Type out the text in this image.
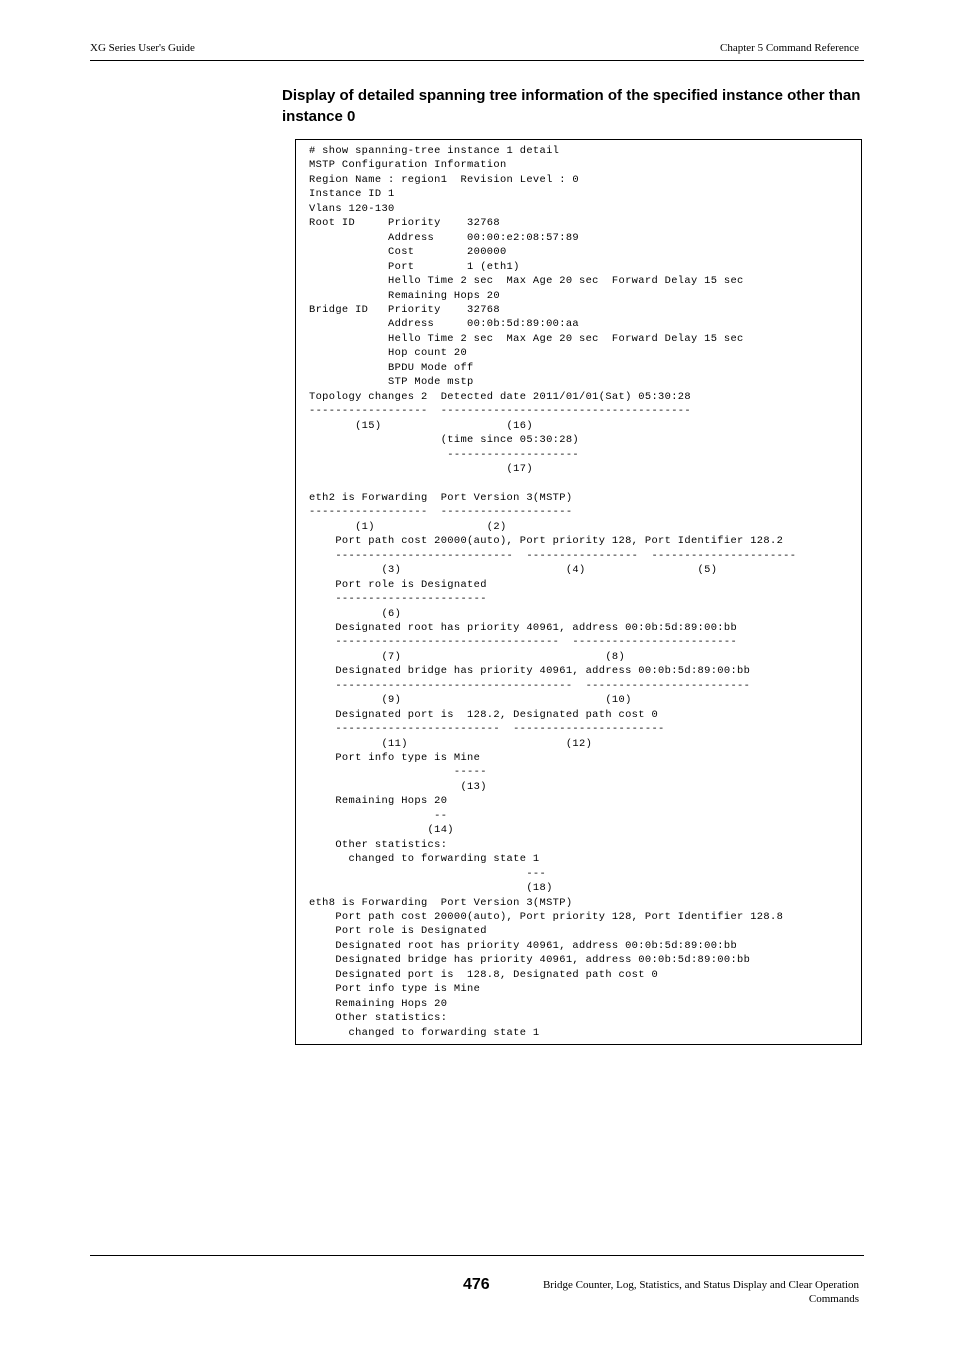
XG Series User's Guide	Chapter 5 Command Reference
Display of detailed spanning tree information of the specified instance other than instance 0
# show spanning-tree instance 1 detail
MSTP Configuration Information
Region Name : region1  Revision Level : 0
Instance ID 1
Vlans 120-130
Root ID     Priority    32768
Address     00:00:e2:08:57:89
Cost        200000
Port        1 (eth1)
Hello Time 2 sec  Max Age 20 sec  Forward Delay 15 sec
Remaining Hops 20
Bridge ID   Priority    32768
Address     00:0b:5d:89:00:aa
Hello Time 2 sec  Max Age 20 sec  Forward Delay 15 sec
Hop count 20
BPDU Mode off
STP Mode mstp
Topology changes 2  Detected date 2011/01/01(Sat) 05:30:28
------------------  --------------------------------------
(15)                   (16)
(time since 05:30:28)
--------------------
(17)

eth2 is Forwarding  Port Version 3(MSTP)
------------------  --------------------
(1)                 (2)
Port path cost 20000(auto), Port priority 128, Port Identifier 128.2
---------------------------  -----------------  ----------------------
(3)                         (4)                 (5)
Port role is Designated
-----------------------
(6)
Designated root has priority 40961, address 00:0b:5d:89:00:bb
----------------------------------  -------------------------
(7)                               (8)
Designated bridge has priority 40961, address 00:0b:5d:89:00:bb
------------------------------------  -------------------------
(9)                               (10)
Designated port is  128.2, Designated path cost 0
-------------------------  -----------------------
(11)                        (12)
Port info type is Mine
-----
(13)
Remaining Hops 20
--
(14)
Other statistics:
changed to forwarding state 1
---
(18)
eth8 is Forwarding  Port Version 3(MSTP)
Port path cost 20000(auto), Port priority 128, Port Identifier 128.8
Port role is Designated
Designated root has priority 40961, address 00:0b:5d:89:00:bb
Designated bridge has priority 40961, address 00:0b:5d:89:00:bb
Designated port is  128.8, Designated path cost 0
Port info type is Mine
Remaining Hops 20
Other statistics:
changed to forwarding state 1
476	Bridge Counter, Log, Statistics, and Status Display and Clear Operation
Commands
